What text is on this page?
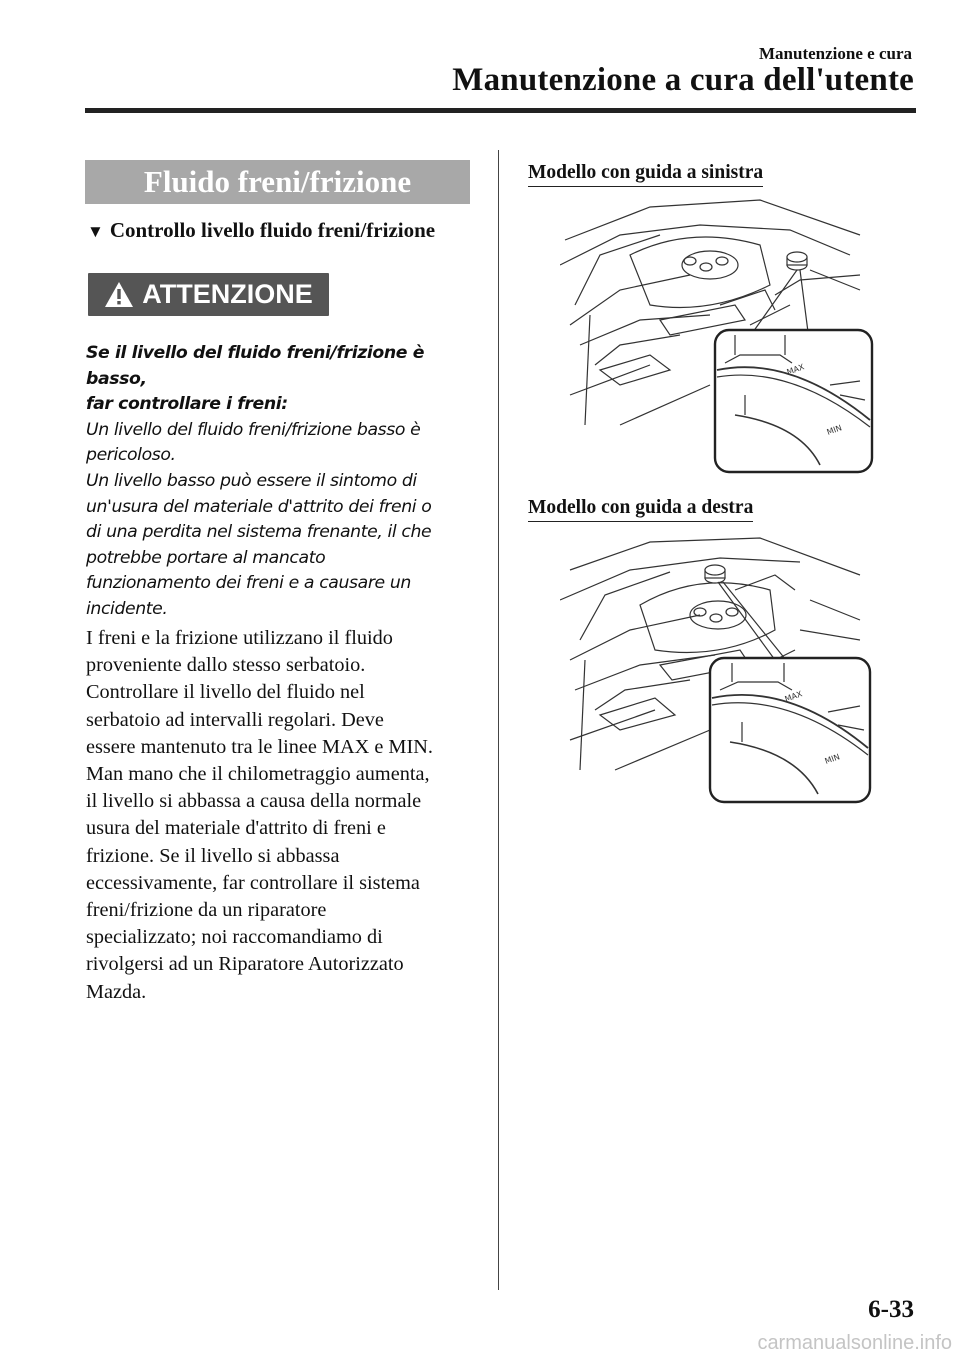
Manutenzione e cura
Manutenzione a cura dell'utente
Fluido freni/frizione
▼ Controllo livello fluido freni/frizione
ATTENZIONE
Se il livello del fluido freni/frizione è basso,
far controllare i freni:
Un livello del fluido freni/frizione basso è
pericoloso.
Un livello basso può essere il sintomo di
un'usura del materiale d'attrito dei freni o
di una perdita nel sistema frenante, il che
potrebbe portare al mancato
funzionamento dei freni e a causare un
incidente.
I freni e la frizione utilizzano il fluido
proveniente dallo stesso serbatoio.
Controllare il livello del fluido nel
serbatoio ad intervalli regolari. Deve
essere mantenuto tra le linee MAX e MIN.
Man mano che il chilometraggio aumenta,
il livello si abbassa a causa della normale
usura del materiale d'attrito di freni e
frizione. Se il livello si abbassa
eccessivamente, far controllare il sistema
freni/frizione da un riparatore
specializzato; noi raccomandiamo di
rivolgersi ad un Riparatore Autorizzato
Mazda.
Modello con guida a sinistra
MAX
MIN
Modello con guida a destra
MAX
MIN
6-33
carmanualsonline.info
